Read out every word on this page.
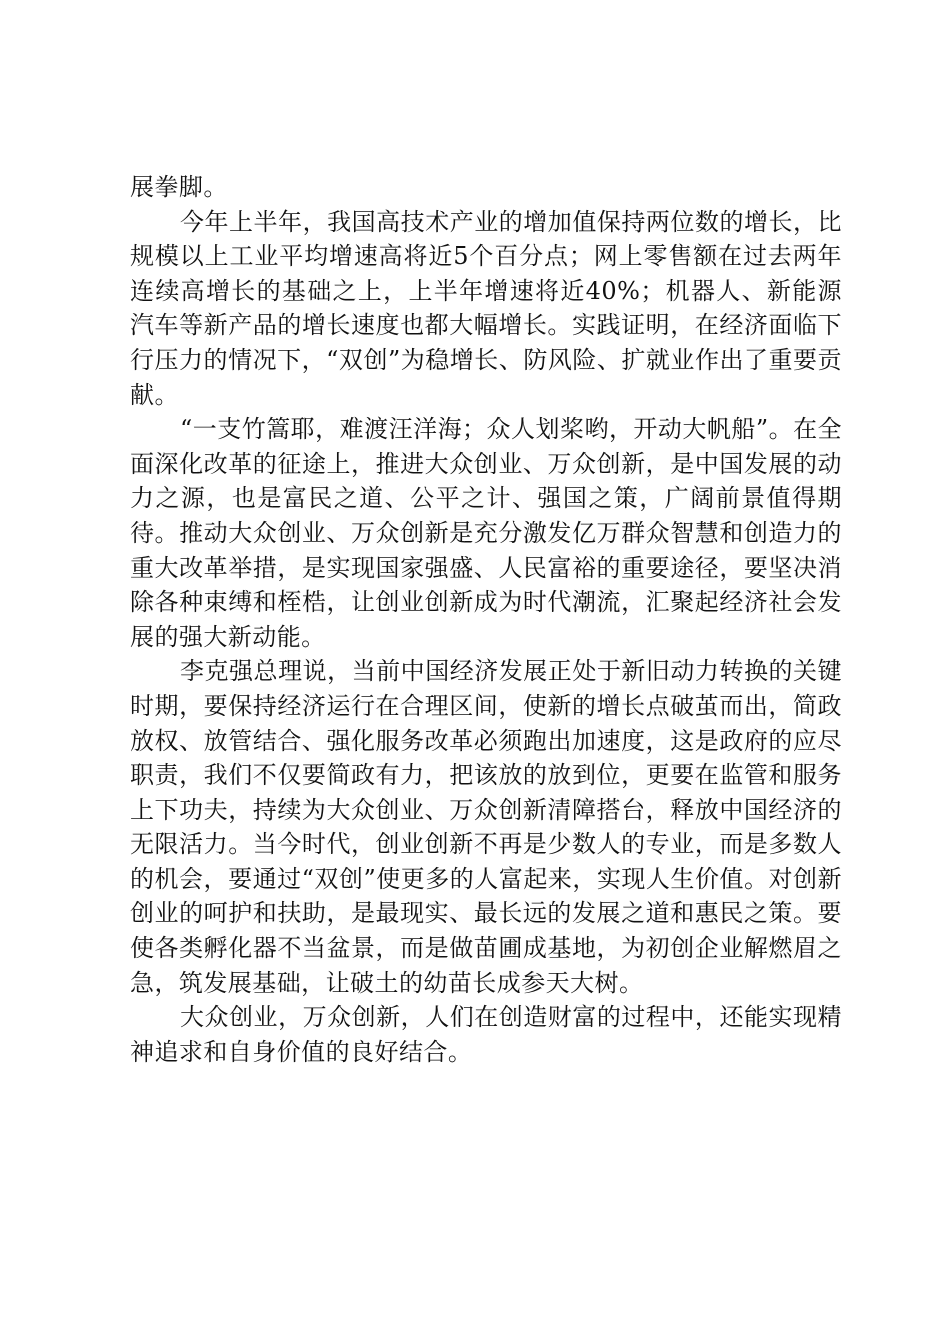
展拳脚。

今年上半年，我国高技术产业的增加值保持两位数的增长，比规模以上工业平均增速高将近5个百分点；网上零售额在过去两年连续高增长的基础之上，上半年增速将近40%；机器人、新能源汽车等新产品的增长速度也都大幅增长。实践证明，在经济面临下行压力的情况下，“双创”为稳增长、防风险、扩就业作出了重要贡献。

“一支竹篙耶，难渡汪洋海；众人划桨哟，开动大帆船”。在全面深化改革的征途上，推进大众创业、万众创新，是中国发展的动力之源，也是富民之道、公平之计、强国之策，广阔前景值得期待。推动大众创业、万众创新是充分激发亿万群众智慧和创造力的重大改革举措，是实现国家强盛、人民富裕的重要途径，要坚决消除各种束缚和桎梏，让创业创新成为时代潮流，汇聚起经济社会发展的强大新动能。

李克强总理说，当前中国经济发展正处于新旧动力转换的关键时期，要保持经济运行在合理区间，使新的增长点破茧而出，简政放权、放管结合、强化服务改革必须跑出加速度，这是政府的应尽职责，我们不仅要简政有力，把该放的放到位，更要在监管和服务上下功夫，持续为大众创业、万众创新清障搭台，释放中国经济的无限活力。当今时代，创业创新不再是少数人的专业，而是多数人的机会，要通过“双创”使更多的人富起来，实现人生价值。对创新创业的呵护和扶助，是最现实、最长远的发展之道和惠民之策。要使各类孵化器不当盆景，而是做苗圃成基地，为初创企业解燃眉之急，筑发展基础，让破土的幼苗长成参天大树。

大众创业，万众创新，人们在创造财富的过程中，还能实现精神追求和自身价值的良好结合。
